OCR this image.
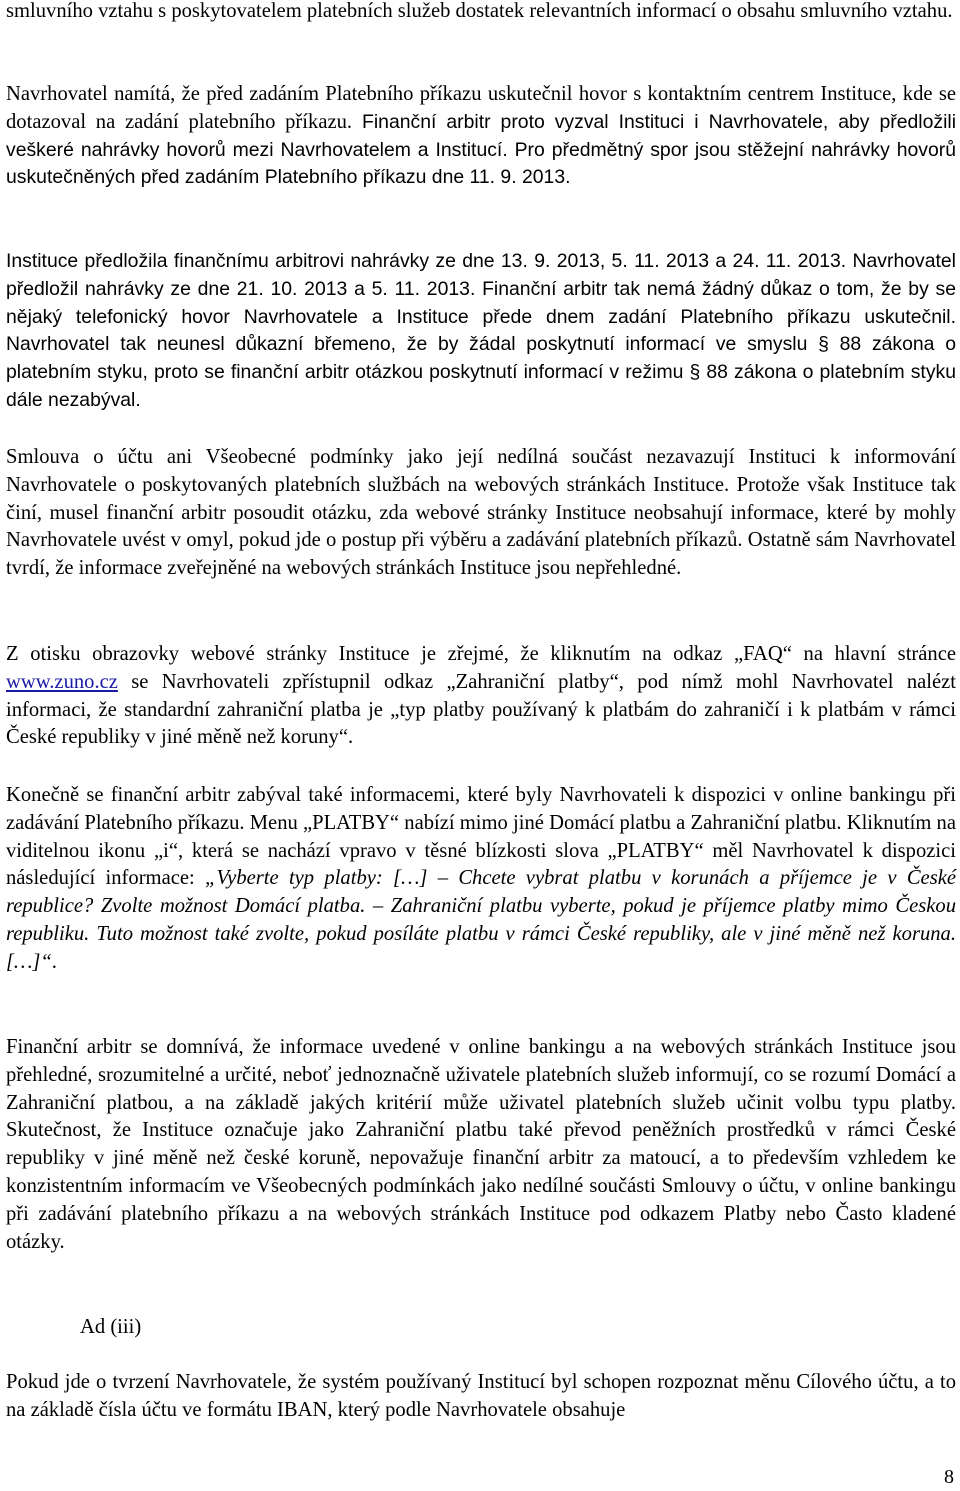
smluvního vztahu s poskytovatelem platebních služeb dostatek relevantních informací o obsahu smluvního vztahu.

Navrhovatel namítá, že před zadáním Platebního příkazu uskutečnil hovor s kontaktním centrem Instituce, kde se dotazoval na zadání platebního příkazu. Finanční arbitr proto vyzval Instituci i Navrhovatele, aby předložili veškeré nahrávky hovorů mezi Navrhovatelem a Institucí. Pro předmětný spor jsou stěžejní nahrávky hovorů uskutečněných před zadáním Platebního příkazu dne 11. 9. 2013.

Instituce předložila finančnímu arbitrovi nahrávky ze dne 13. 9. 2013, 5. 11. 2013 a 24. 11. 2013. Navrhovatel předložil nahrávky ze dne 21. 10. 2013 a 5. 11. 2013. Finanční arbitr tak nemá žádný důkaz o tom, že by se nějaký telefonický hovor Navrhovatele a Instituce přede dnem zadání Platebního příkazu uskutečnil. Navrhovatel tak neunesl důkazní břemeno, že by žádal poskytnutí informací ve smyslu § 88 zákona o platebním styku, proto se finanční arbitr otázkou poskytnutí informací v režimu § 88 zákona o platebním styku dále nezabýval.

Smlouva o účtu ani Všeobecné podmínky jako její nedílná součást nezavazují Instituci k informování Navrhovatele o poskytovaných platebních službách na webových stránkách Instituce. Protože však Instituce tak činí, musel finanční arbitr posoudit otázku, zda webové stránky Instituce neobsahují informace, které by mohly Navrhovatele uvést v omyl, pokud jde o postup při výběru a zadávání platebních příkazů. Ostatně sám Navrhovatel tvrdí, že informace zveřejněné na webových stránkách Instituce jsou nepřehledné.

Z otisku obrazovky webové stránky Instituce je zřejmé, že kliknutím na odkaz „FAQ“ na hlavní stránce www.zuno.cz se Navrhovateli zpřístupnil odkaz „Zahraniční platby“, pod nímž mohl Navrhovatel nalézt informaci, že standardní zahraniční platba je „typ platby používaný k platbám do zahraničí i k platbám v rámci České republiky v jiné měně než koruny“.

Konečně se finanční arbitr zabýval také informacemi, které byly Navrhovateli k dispozici v online bankingu při zadávání Platebního příkazu. Menu „PLATBY“ nabízí mimo jiné Domácí platbu a Zahraniční platbu. Kliknutím na viditelnou ikonu „i“, která se nachází vpravo v těsné blízkosti slova „PLATBY“ měl Navrhovatel k dispozici následující informace: „Vyberte typ platby: […] – Chcete vybrat platbu v korunách a příjemce je v České republice? Zvolte možnost Domácí platba. – Zahraniční platbu vyberte, pokud je příjemce platby mimo Českou republiku. Tuto možnost také zvolte, pokud posíláte platbu v rámci České republiky, ale v jiné měně než koruna. […]“.

Finanční arbitr se domnívá, že informace uvedené v online bankingu a na webových stránkách Instituce jsou přehledné, srozumitelné a určité, neboť jednoznačně uživatele platebních služeb informují, co se rozumí Domácí a Zahraniční platbou, a na základě jakých kritérií může uživatel platebních služeb učinit volbu typu platby. Skutečnost, že Instituce označuje jako Zahraniční platbu také převod peněžních prostředků v rámci České republiky v jiné měně než české koruně, nepovažuje finanční arbitr za matoucí, a to především vzhledem ke konzistentním informacím ve Všeobecných podmínkách jako nedílné součásti Smlouvy o účtu, v online bankingu při zadávání platebního příkazu a na webových stránkách Instituce pod odkazem Platby nebo Často kladené otázky.

Ad (iii)

Pokud jde o tvrzení Navrhovatele, že systém používaný Institucí byl schopen rozpoznat měnu Cílového účtu, a to na základě čísla účtu ve formátu IBAN, který podle Navrhovatele obsahuje

8
